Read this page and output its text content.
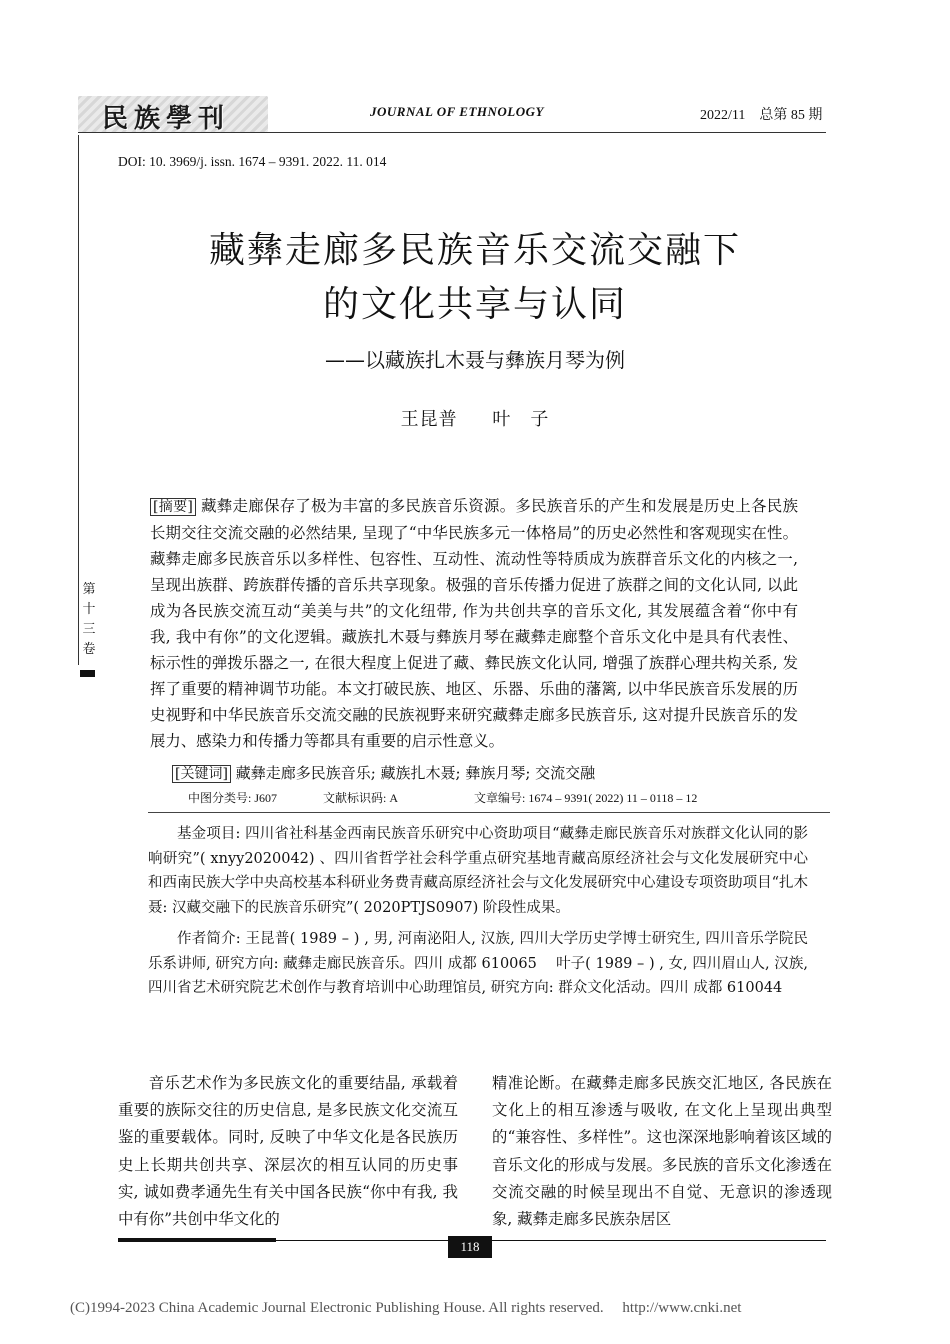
民族學刊	JOURNAL OF ETHNOLOGY	2022/11　总第 85 期
DOI: 10. 3969/j. issn. 1674 – 9391. 2022. 11. 014
藏彝走廊多民族音乐交流交融下
的文化共享与认同
——以藏族扎木聂与彝族月琴为例
王昆普 叶　子
[摘要] 藏彝走廊保存了极为丰富的多民族音乐资源。多民族音乐的产生和发展是历史上各民族长期交往交流交融的必然结果, 呈现了“中华民族多元一体格局”的历史必然性和客观现实在性。藏彝走廊多民族音乐以多样性、包容性、互动性、流动性等特质成为族群音乐文化的内核之一, 呈现出族群、跨族群传播的音乐共享现象。极强的音乐传播力促进了族群之间的文化认同, 以此成为各民族交流互动“美美与共”的文化纽带, 作为共创共享的音乐文化, 其发展蕴含着“你中有我, 我中有你”的文化逻辑。藏族扎木聂与彝族月琴在藏彝走廊整个音乐文化中是具有代表性、标示性的弹拨乐器之一, 在很大程度上促进了藏、彝民族文化认同, 增强了族群心理共构关系, 发挥了重要的精神调节功能。本文打破民族、地区、乐器、乐曲的藩篱, 以中华民族音乐发展的历史视野和中华民族音乐交流交融的民族视野来研究藏彝走廊多民族音乐, 这对提升民族音乐的发展力、感染力和传播力等都具有重要的启示性意义。
[关键词] 藏彝走廊多民族音乐; 藏族扎木聂; 彝族月琴; 交流交融
中图分类号: J607	文献标识码: A	文章编号: 1674 – 9391( 2022) 11 – 0118 – 12
第
十
三
卷

基金项目: 四川省社科基金西南民族音乐研究中心资助项目“藏彝走廊民族音乐对族群文化认同的影响研究”( xnyy2020042) 、四川省哲学社会科学重点研究基地青藏高原经济社会与文化发展研究中心和西南民族大学中央高校基本科研业务费青藏高原经济社会与文化发展研究中心建设专项资助项目“扎木聂: 汉藏交融下的民族音乐研究”( 2020PTJS0907) 阶段性成果。

作者简介: 王昆普( 1989 – ) , 男, 河南泌阳人, 汉族, 四川大学历史学博士研究生, 四川音乐学院民乐系讲师, 研究方向: 藏彝走廊民族音乐。四川 成都 610065　 叶子( 1989 – ) , 女, 四川眉山人, 汉族, 四川省艺术研究院艺术创作与教育培训中心助理馆员, 研究方向: 群众文化活动。四川 成都 610044

音乐艺术作为多民族文化的重要结晶, 承载着重要的族际交往的历史信息, 是多民族文化交流互鉴的重要载体。同时, 反映了中华文化是各民族历史上长期共创共享、深层次的相互认同的历史事实, 诚如费孝通先生有关中国各民族“你中有我, 我中有你”共创中华文化的

精准论断。在藏彝走廊多民族交汇地区, 各民族在文化上的相互渗透与吸收, 在文化上呈现出典型的“兼容性、多样性”。这也深深地影响着该区域的音乐文化的形成与发展。多民族的音乐文化渗透在交流交融的时候呈现出不自觉、无意识的渗透现象, 藏彝走廊多民族杂居区

118
(C)1994-2023 China Academic Journal Electronic Publishing House. All rights reserved.　 http://www.cnki.net
